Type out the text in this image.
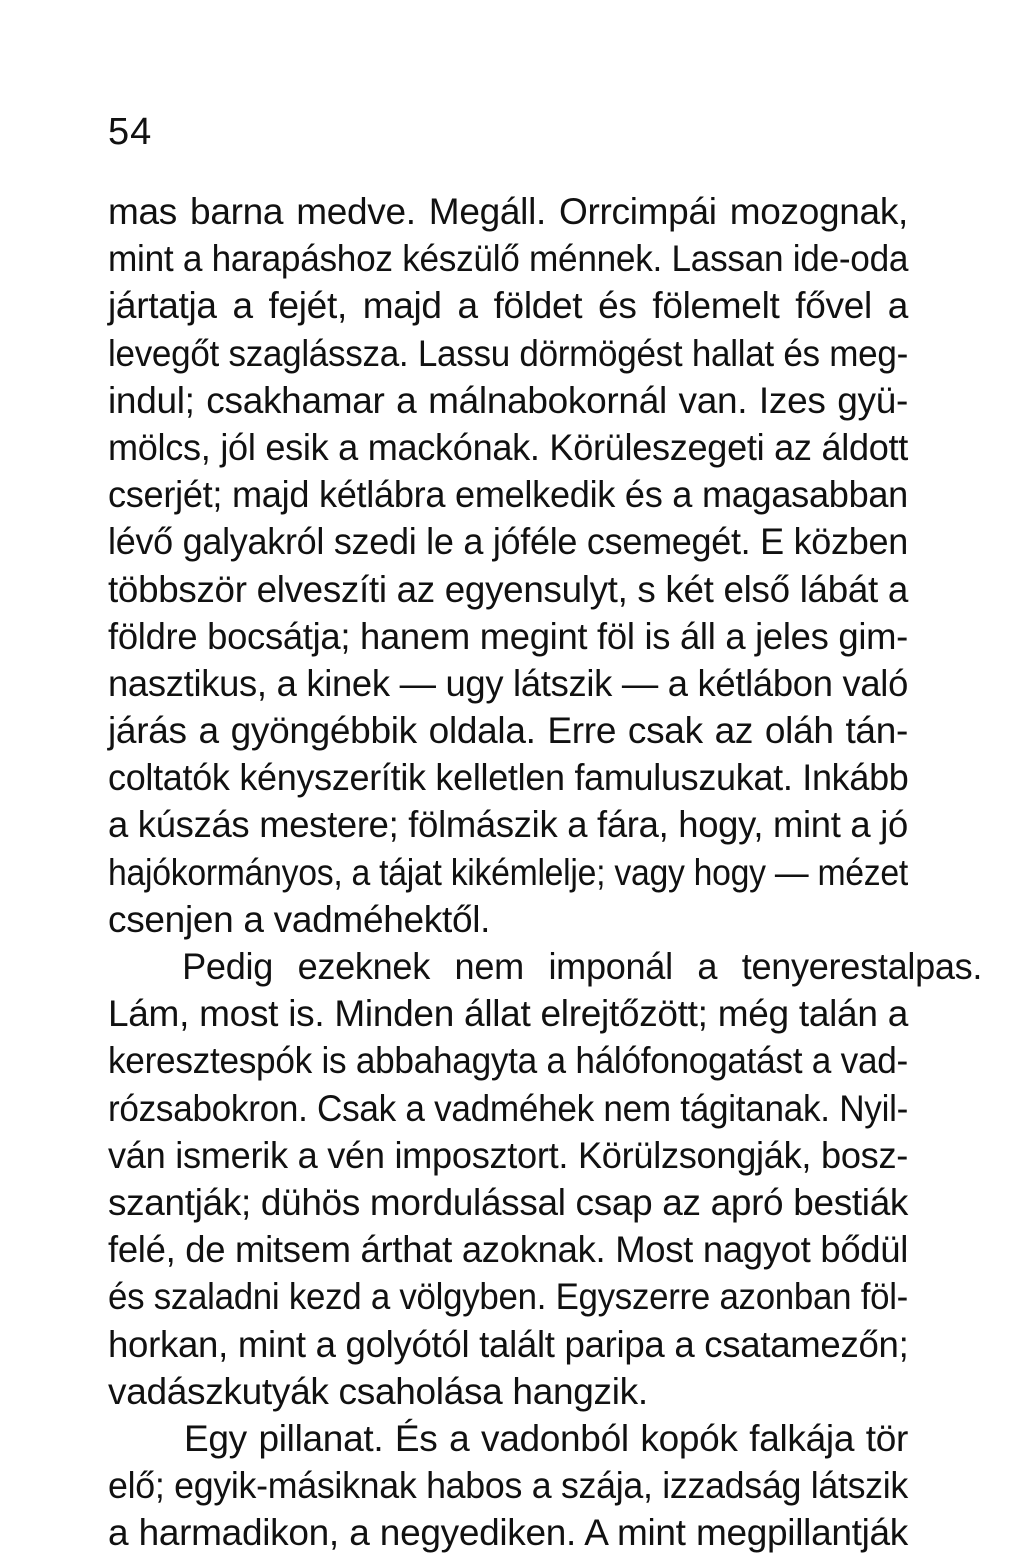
54
mas barna medve. Megáll. Orrcimpái mozognak,
mint a harapáshoz készülő ménnek. Lassan ide-oda
jártatja a fejét, majd a földet és fölemelt fővel a
levegőt szaglássza. Lassu dörmögést hallat és meg-
indul; csakhamar a málnabokornál van. Izes gyü-
mölcs, jól esik a mackónak. Körüleszegeti az áldott
cserjét; majd kétlábra emelkedik és a magasabban
lévő galyakról szedi le a jóféle csemegét. E közben
többször elveszíti az egyensulyt, s két első lábát a
földre bocsátja; hanem megint föl is áll a jeles gim-
nasztikus, a kinek — ugy látszik — a kétlábon való
járás a gyöngébbik oldala. Erre csak az oláh tán-
coltatók kényszerítik kelletlen famuluszukat. Inkább
a kúszás mestere; fölmászik a fára, hogy, mint a jó
hajókormányos, a tájat kikémlelje; vagy hogy — mézet
csenjen a vadméhektől.
Pedig ezeknek nem imponál a tenyerestalpas.
Lám, most is. Minden állat elrejtőzött; még talán a
keresztespók is abbahagyta a hálófonogatást a vad-
rózsabokron. Csak a vadméhek nem tágitanak. Nyil-
ván ismerik a vén imposztort. Körülzsongják, bosz-
szantják; dühös mordulással csap az apró bestiák
felé, de mitsem árthat azoknak. Most nagyot bődül
és szaladni kezd a völgyben. Egyszerre azonban föl-
horkan, mint a golyótól talált paripa a csatamezőn;
vadászkutyák csaholása hangzik.
Egy pillanat. És a vadonból kopók falkája tör
elő; egyik-másiknak habos a szája, izzadság látszik
a harmadikon, a negyediken. A mint megpillantják
